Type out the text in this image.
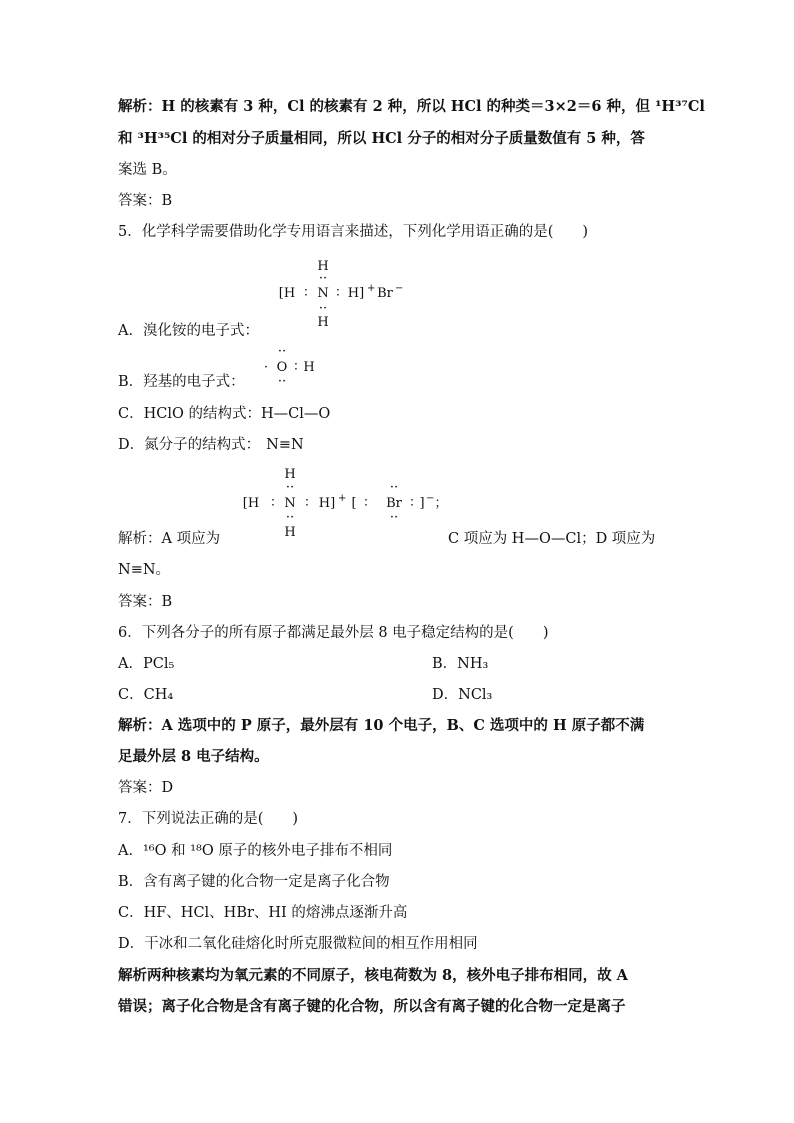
解析：H 的核素有 3 种，Cl 的核素有 2 种，所以 HCl 的种类＝3×2＝6 种，但 ¹H³⁷Cl
和 ³H³⁵Cl 的相对分子质量相同，所以 HCl 分子的相对分子质量数值有 5 种，答
案选 B。
答案：B
5．化学科学需要借助化学专用语言来描述，下列化学用语正确的是(　　)
H
··
[H ∶ N ∶ H] + Br −
··
H
A．溴化铵的电子式：
··
· O ∶ H
··
B．羟基的电子式：
C．HClO 的结构式：H—Cl—O
D．氮分子的结构式： N≡N
H
··
[H ∶ N ∶ H] + [ ∶
··
Br
··
∶ ] − ；
··
H
解析：A 项应为	C 项应为 H—O—Cl；D 项应为
N≡N。
答案：B
6．下列各分子的所有原子都满足最外层 8 电子稳定结构的是(　　)
A．PCl₅	B．NH₃
C．CH₄	D．NCl₃
解析：A 选项中的 P 原子，最外层有 10 个电子，B、C 选项中的 H 原子都不满
足最外层 8 电子结构。
答案：D
7．下列说法正确的是(　　)
A．¹⁶O 和 ¹⁸O 原子的核外电子排布不相同
B．含有离子键的化合物一定是离子化合物
C．HF、HCl、HBr、HI 的熔沸点逐渐升高
D．干冰和二氧化硅熔化时所克服微粒间的相互作用相同
解析两种核素均为氧元素的不同原子，核电荷数为 8，核外电子排布相同，故 A
错误；离子化合物是含有离子键的化合物，所以含有离子键的化合物一定是离子
